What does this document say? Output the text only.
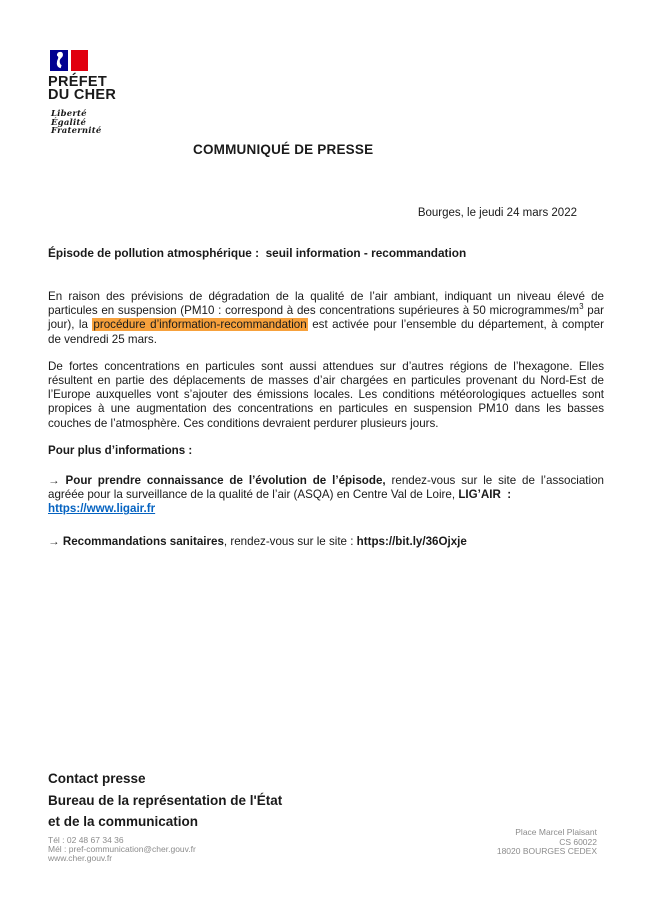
PRÉFET
DU CHER
Liberté
Égalité
Fraternité
COMMUNIQUÉ DE PRESSE
Bourges, le jeudi 24 mars 2022
Épisode de pollution atmosphérique :  seuil information - recommandation

En raison des prévisions de dégradation de la qualité de l’air ambiant, indiquant un niveau élevé de particules en suspension (PM10 : correspond à des concentrations supérieures à 50 microgrammes/$m^3$ par jour), la procédure d’information-recommandation est activée pour l’ensemble du département, à compter de vendredi 25 mars.

De fortes concentrations en particules sont aussi attendues sur d’autres régions de l’hexagone. Elles résultent en partie des déplacements de masses d’air chargées en particules provenant du Nord-Est de l’Europe auxquelles vont s’ajouter des émissions locales. Les conditions météorologiques actuelles sont propices à une augmentation des concentrations en particules en suspension PM10 dans les basses couches de l’atmosphère. Ces conditions devraient perdurer plusieurs jours.

Pour plus d’informations :

→ Pour prendre connaissance de l’évolution de l’épisode, rendez-vous sur le site de l’association agréée pour la surveillance de la qualité de l’air (ASQA) en Centre Val de Loire, LIG’AIR  :
https://www.ligair.fr

→ Recommandations sanitaires, rendez-vous sur le site : https://bit.ly/36Ojxje

Contact presse
Bureau de la représentation de l'État
et de la communication
Tél : 02 48 67 34 36
Mél : pref-communication@cher.gouv.fr
www.cher.gouv.fr
Place Marcel Plaisant
CS 60022
18020 BOURGES CEDEX
